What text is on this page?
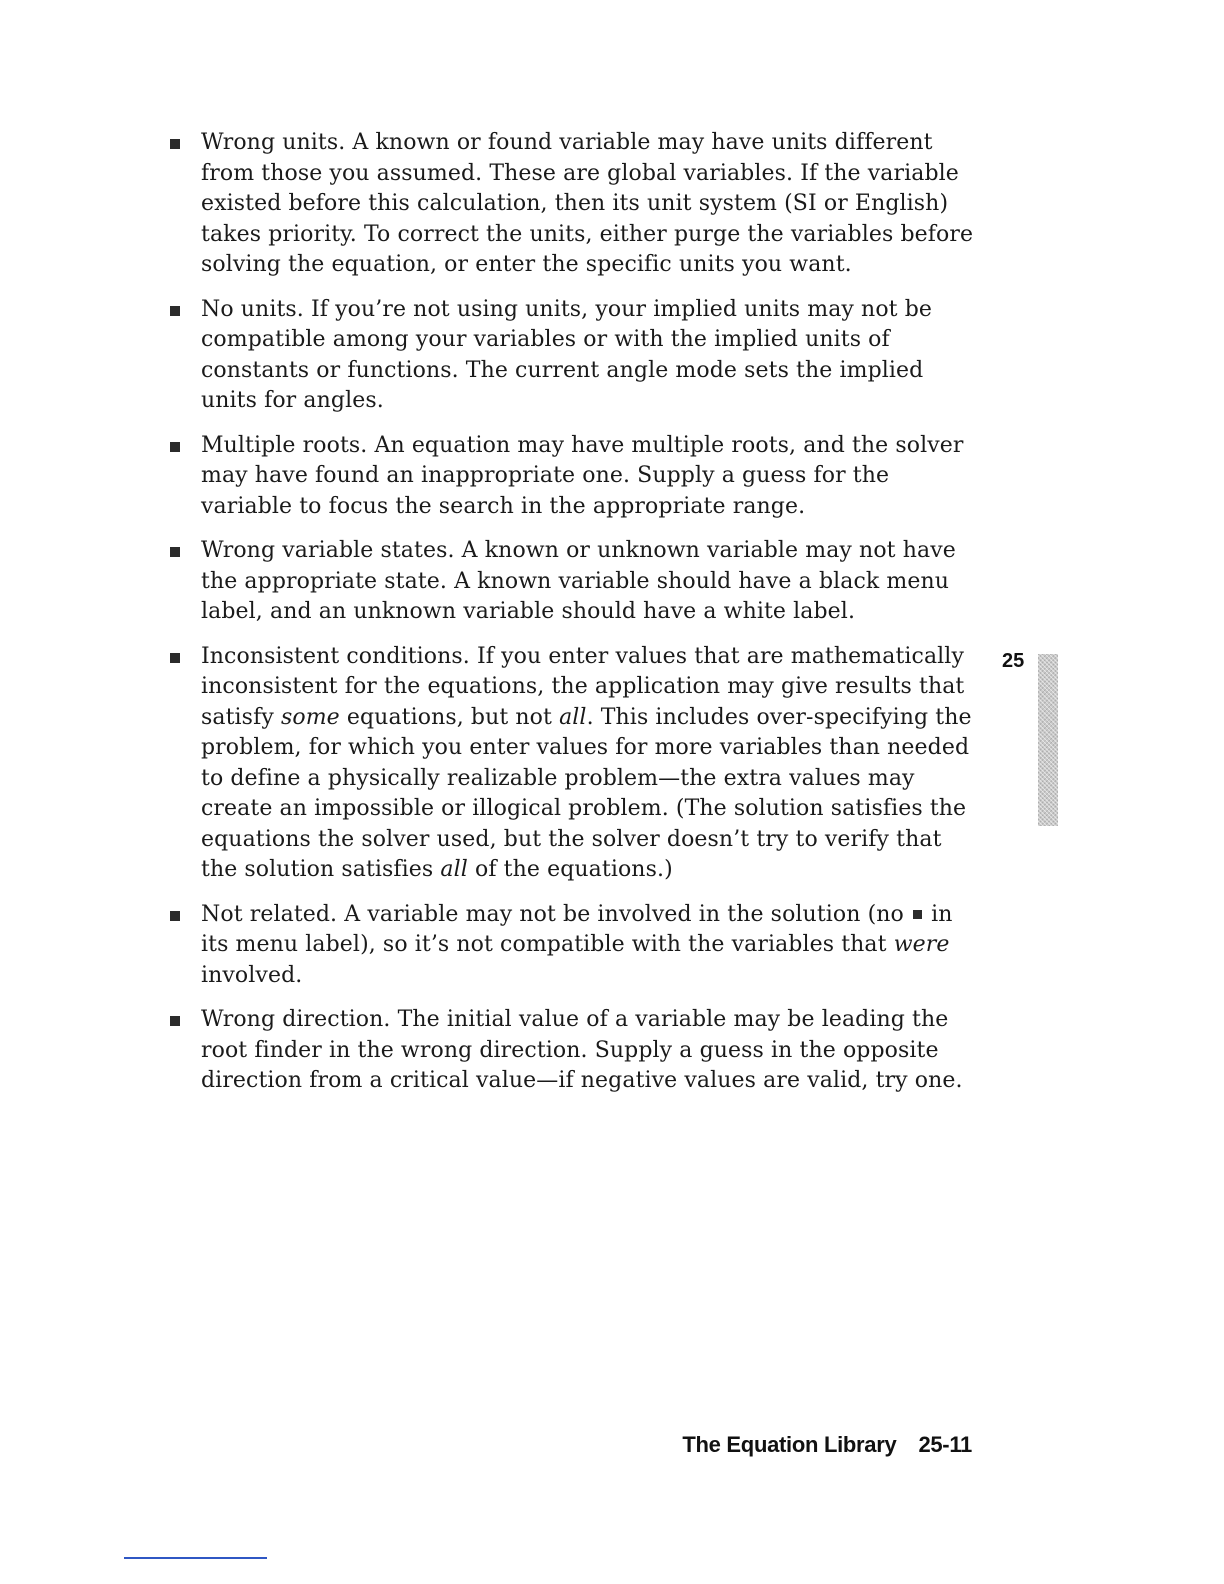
Wrong units. A known or found variable may have units different from those you assumed. These are global variables. If the variable existed before this calculation, then its unit system (SI or English) takes priority. To correct the units, either purge the variables before solving the equation, or enter the specific units you want.
No units. If you’re not using units, your implied units may not be compatible among your variables or with the implied units of constants or functions. The current angle mode sets the implied units for angles.
Multiple roots. An equation may have multiple roots, and the solver may have found an inappropriate one. Supply a guess for the variable to focus the search in the appropriate range.
Wrong variable states. A known or unknown variable may not have the appropriate state. A known variable should have a black menu label, and an unknown variable should have a white label.
Inconsistent conditions. If you enter values that are mathematically inconsistent for the equations, the application may give results that satisfy some equations, but not all. This includes over-specifying the problem, for which you enter values for more variables than needed to define a physically realizable problem—the extra values may create an impossible or illogical problem. (The solution satisfies the equations the solver used, but the solver doesn’t try to verify that the solution satisfies all of the equations.)
Not related. A variable may not be involved in the solution (no  in its menu label), so it’s not compatible with the variables that were involved.
Wrong direction. The initial value of a variable may be leading the root finder in the wrong direction. Supply a guess in the opposite direction from a critical value—if negative values are valid, try one.
25
The Equation Library 25-11
